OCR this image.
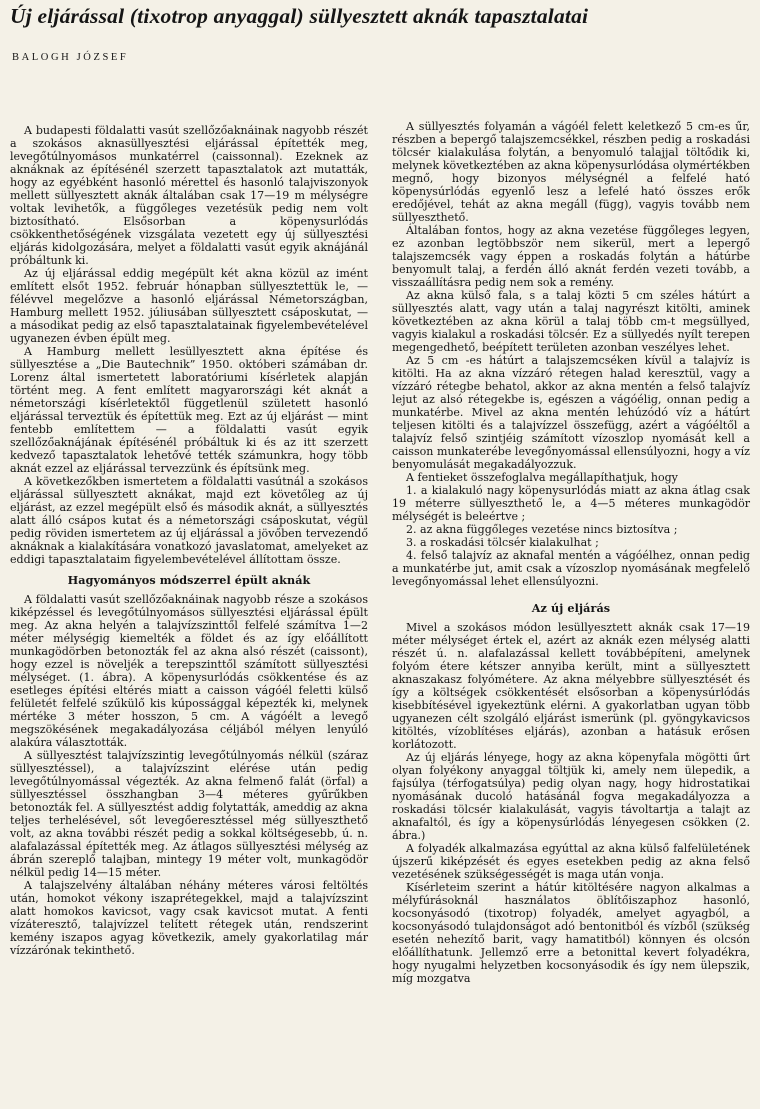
Új eljárással (tixotrop anyaggal) süllyesztett aknák tapasztalatai
BALOGH JÓZSEF

A budapesti földalatti vasút szellőzőaknáinak nagyobb részét a szokásos aknasüllyesztési eljárással építették meg, levegőtúlnyomásos munkatérrel (caissonnal). Ezeknek az aknáknak az építésénél szerzett tapasztalatok azt mutatták, hogy az egyébként hasonló mérettel és hasonló talajviszonyok mellett süllyesztett aknák általában csak 17—19 m mélységre voltak levihetők, a függőleges vezetésük pedig nem volt biztosítható. Elsősorban a köpenysurlódás csökkenthetőségének vizsgálata vezetett egy új süllyesztési eljárás kidolgozására, melyet a földalatti vasút egyik aknájánál próbáltunk ki.

Az új eljárással eddig megépült két akna közül az imént említett elsőt 1952. február hónapban süllyesztettük le, — félévvel megelőzve a hasonló eljárással Németországban, Hamburg mellett 1952. júliusában süllyesztett csáposkutat, — a másodikat pedig az első tapasztalatainak figyelembevételével ugyanezen évben épült meg.

A Hamburg mellett lesüllyesztett akna építése és süllyesztése a „Die Bautechnik” 1950. októberi számában dr. Lorenz által ismertetett laboratóriumi kísérletek alapján történt meg. A fent említett magyarországi két aknát a németországi kísérletektől függetlenül született hasonló eljárással terveztük és építettük meg. Ezt az új eljárást — mint fentebb említettem — a földalatti vasút egyik szellőzőaknájának építésénél próbáltuk ki és az itt szerzett kedvező tapasztalatok lehetővé tették számunkra, hogy több aknát ezzel az eljárással tervezzünk és építsünk meg.

A következőkben ismertetem a földalatti vasútnál a szokásos eljárással süllyesztett aknákat, majd ezt követőleg az új eljárást, az ezzel megépült első és második aknát, a süllyesztés alatt álló csápos kutat és a németországi csáposkutat, végül pedig röviden ismertetem az új eljárással a jövőben tervezendő aknáknak a kialakítására vonatkozó javaslatomat, amelyeket az eddigi tapasztalataim figyelembevételével állítottam össze.

Hagyományos módszerrel épült aknák

A földalatti vasút szellőzőaknáinak nagyobb része a szokásos kiképzéssel és levegőtúlnyomásos süllyesztési eljárással épült meg. Az akna helyén a talajvízszinttől felfelé számítva 1—2 méter mélységig kiemelték a földet és az így előállított munkagödörben betonozták fel az akna alsó részét (caissont), hogy ezzel is növeljék a terepszinttől számított süllyesztési mélységet. (1. ábra). A köpenysurlódás csökkentése és az esetleges építési eltérés miatt a caisson vágóél feletti külső felületét felfelé szűkülő kis kúpossággal képezték ki, melynek mértéke 3 méter hosszon, 5 cm. A vágóélt a levegő megszökésének megakadályozása céljából mélyen lenyúló alakúra választották.

A süllyesztést talajvízszintig levegőtúlnyomás nélkül (száraz süllyesztéssel), a talajvízszint elérése után pedig levegőtúlnyomással végezték. Az akna felmenő falát (örfal) a süllyesztéssel összhangban 3—4 méteres gyűrűkben betonozták fel. A süllyesztést addig folytatták, ameddig az akna teljes terhelésével, sőt levegőeresztéssel még süllyeszthető volt, az akna további részét pedig a sokkal költségesebb, ú. n. alafalazással építették meg. Az átlagos süllyesztési mélység az ábrán szereplő talajban, mintegy 19 méter volt, munkagödör nélkül pedig 14—15 méter.

A talajszelvény általában néhány méteres városi feltöltés után, homokot vékony iszaprétegekkel, majd a talajvízszint alatt homokos kavicsot, vagy csak kavicsot mutat. A fenti vízáteresztő, talajvízzel telített rétegek után, rendszerint kemény iszapos agyag következik, amely gyakorlatilag már vízzárónak tekinthető.

A süllyesztés folyamán a vágóél felett keletkező 5 cm-es űr, részben a bepergő talajszemcsékkel, részben pedig a roskadási tölcsér kialakulása folytán, a benyomuló talajjal töltődik ki, melynek következtében az akna köpenysurlódása olymértékben megnő, hogy bizonyos mélységnél a felfelé ható köpenysúrlódás egyenlő lesz a lefelé ható összes erők eredőjével, tehát az akna megáll (függ), vagyis tovább nem süllyeszthető.

Általában fontos, hogy az akna vezetése függőleges legyen, ez azonban legtöbbször nem sikerül, mert a lepergő talajszemcsék vagy éppen a roskadás folytán a hátúrbe benyomult talaj, a ferdén álló aknát ferdén vezeti tovább, a visszaállításra pedig nem sok a remény.

Az akna külső fala, s a talaj közti 5 cm széles hátúrt a süllyesztés alatt, vagy után a talaj nagyrészt kitölti, aminek következtében az akna körül a talaj több cm-t megsüllyed, vagyis kialakul a roskadási tölcsér. Ez a süllyedés nyílt terepen megengedhető, beépített területen azonban veszélyes lehet.

Az 5 cm -es hátúrt a talajszemcséken kívül a talajvíz is kitölti. Ha az akna vízzáró rétegen halad keresztül, vagy a vízzáró rétegbe behatol, akkor az akna mentén a felső talajvíz lejut az alsó rétegekbe is, egészen a vágóélig, onnan pedig a munkatérbe. Mivel az akna mentén lehúzódó víz a hátúrt teljesen kitölti és a talajvízzel összefügg, azért a vágóéltől a talajvíz felső szintjéig számított vízoszlop nyomását kell a caisson munkaterébe levegőnyomással ellensúlyozni, hogy a víz benyomulását megakadályozzuk.

A fentieket összefoglalva megállapíthatjuk, hogy

1. a kialakuló nagy köpenysurlódás miatt az akna átlag csak 19 méterre süllyeszthető le, a 4—5 méteres munkagödör mélységét is beleértve ;

2. az akna függőleges vezetése nincs biztosítva ;

3. a roskadási tölcsér kialakulhat ;

4. felső talajvíz az aknafal mentén a vágóélhez, onnan pedig a munkatérbe jut, amit csak a vízoszlop nyomásának megfelelő levegőnyomással lehet ellensúlyozni.

Az új eljárás

Mivel a szokásos módon lesüllyesztett aknák csak 17—19 méter mélységet értek el, azért az aknák ezen mélység alatti részét ú. n. alafalazással kellett továbbépíteni, amelynek folyóm étere kétszer annyiba került, mint a süllyesztett aknaszakasz folyómétere. Az akna mélyebbre süllyesztését és így a költségek csökkentését elsősorban a köpenysúrlódás kisebbítésével igyekeztünk elérni. A gyakorlatban ugyan több ugyanezen célt szolgáló eljárást ismerünk (pl. gyöngykavicsos kitöltés, vízoblítéses eljárás), azonban a hatásuk erősen korlátozott.

Az új eljárás lényege, hogy az akna köpenyfala mögötti űrt olyan folyékony anyaggal töltjük ki, amely nem ülepedik, a fajsúlya (térfogatsúlya) pedig olyan nagy, hogy hidrostatikai nyomásának ducoló hatásánál fogva megakadályozza a roskadási tölcsér kialakulását, vagyis távoltartja a talajt az aknafaltól, és így a köpenysúrlódás lényegesen csökken (2. ábra.)

A folyadék alkalmazása egyúttal az akna külső falfelületének újszerű kiképzését és egyes esetekben pedig az akna felső vezetésének szükségességét is maga után vonja.

Kísérleteim szerint a hátúr kitöltésére nagyon alkalmas a mélyfúrásoknál használatos öblítőiszaphoz hasonló, kocsonyásodó (tixotrop) folyadék, amelyet agyagból, a kocsonyásodó tulajdonságot adó bentonitból és vízből (szükség esetén nehezítő barit, vagy hamatitból) könnyen és olcsón előállíthatunk. Jellemző erre a betonittal kevert folyadékra, hogy nyugalmi helyzetben kocsonyásodik és így nem ülepszik, míg mozgatva
